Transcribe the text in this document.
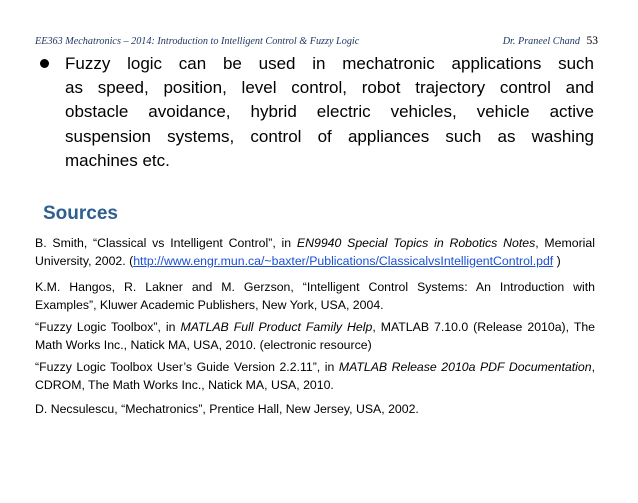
EE363 Mechatronics – 2014: Introduction to Intelligent Control & Fuzzy Logic	Dr. Praneel Chand 53
Fuzzy logic can be used in mechatronic applications such
as speed, position, level control, robot trajectory control and
obstacle avoidance, hybrid electric vehicles, vehicle active
suspension systems, control of appliances such as washing
machines etc.
Sources
B. Smith, “Classical vs Intelligent Control”, in EN9940 Special Topics in Robotics Notes, Memorial
University, 2002. (http://www.engr.mun.ca/~baxter/Publications/ClassicalvsIntelligentControl.pdf )
K.M. Hangos, R. Lakner and M. Gerzson, “Intelligent Control Systems: An Introduction with
Examples”, Kluwer Academic Publishers, New York, USA, 2004.
“Fuzzy Logic Toolbox”, in MATLAB Full Product Family Help, MATLAB 7.10.0 (Release 2010a), The
Math Works Inc., Natick MA, USA, 2010. (electronic resource)
“Fuzzy Logic Toolbox User’s Guide Version 2.2.11”, in MATLAB Release 2010a PDF Documentation,
CDROM, The Math Works Inc., Natick MA, USA, 2010.
D. Necsulescu, “Mechatronics”, Prentice Hall, New Jersey, USA, 2002.
